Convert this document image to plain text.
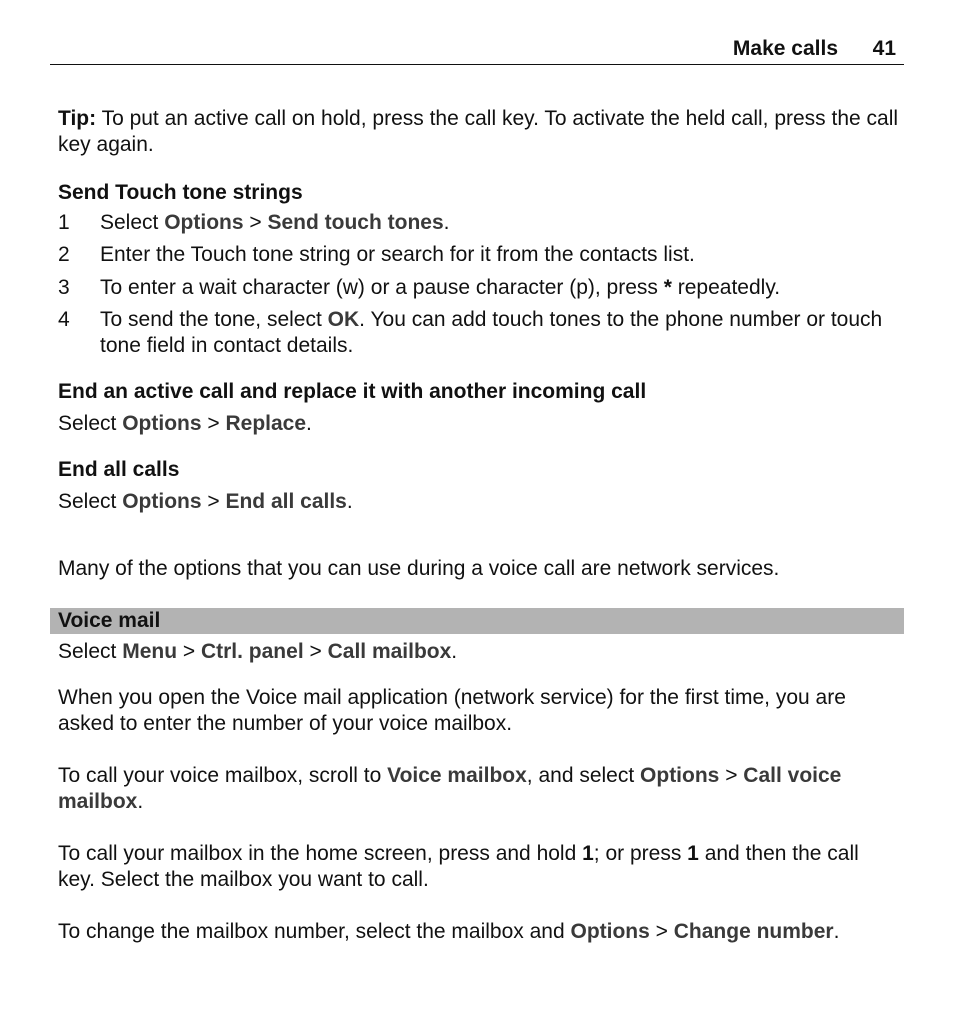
Make calls 41
Tip: To put an active call on hold, press the call key. To activate the held call, press the call key again.
Send Touch tone strings
1 Select Options > Send touch tones.
2 Enter the Touch tone string or search for it from the contacts list.
3 To enter a wait character (w) or a pause character (p), press * repeatedly.
4 To send the tone, select OK. You can add touch tones to the phone number or touch tone field in contact details.
End an active call and replace it with another incoming call
Select Options > Replace.
End all calls
Select Options > End all calls.
Many of the options that you can use during a voice call are network services.
Voice mail
Select Menu > Ctrl. panel > Call mailbox.
When you open the Voice mail application (network service) for the first time, you are asked to enter the number of your voice mailbox.
To call your voice mailbox, scroll to Voice mailbox, and select Options > Call voice mailbox.
To call your mailbox in the home screen, press and hold 1; or press 1 and then the call key. Select the mailbox you want to call.
To change the mailbox number, select the mailbox and Options > Change number.
